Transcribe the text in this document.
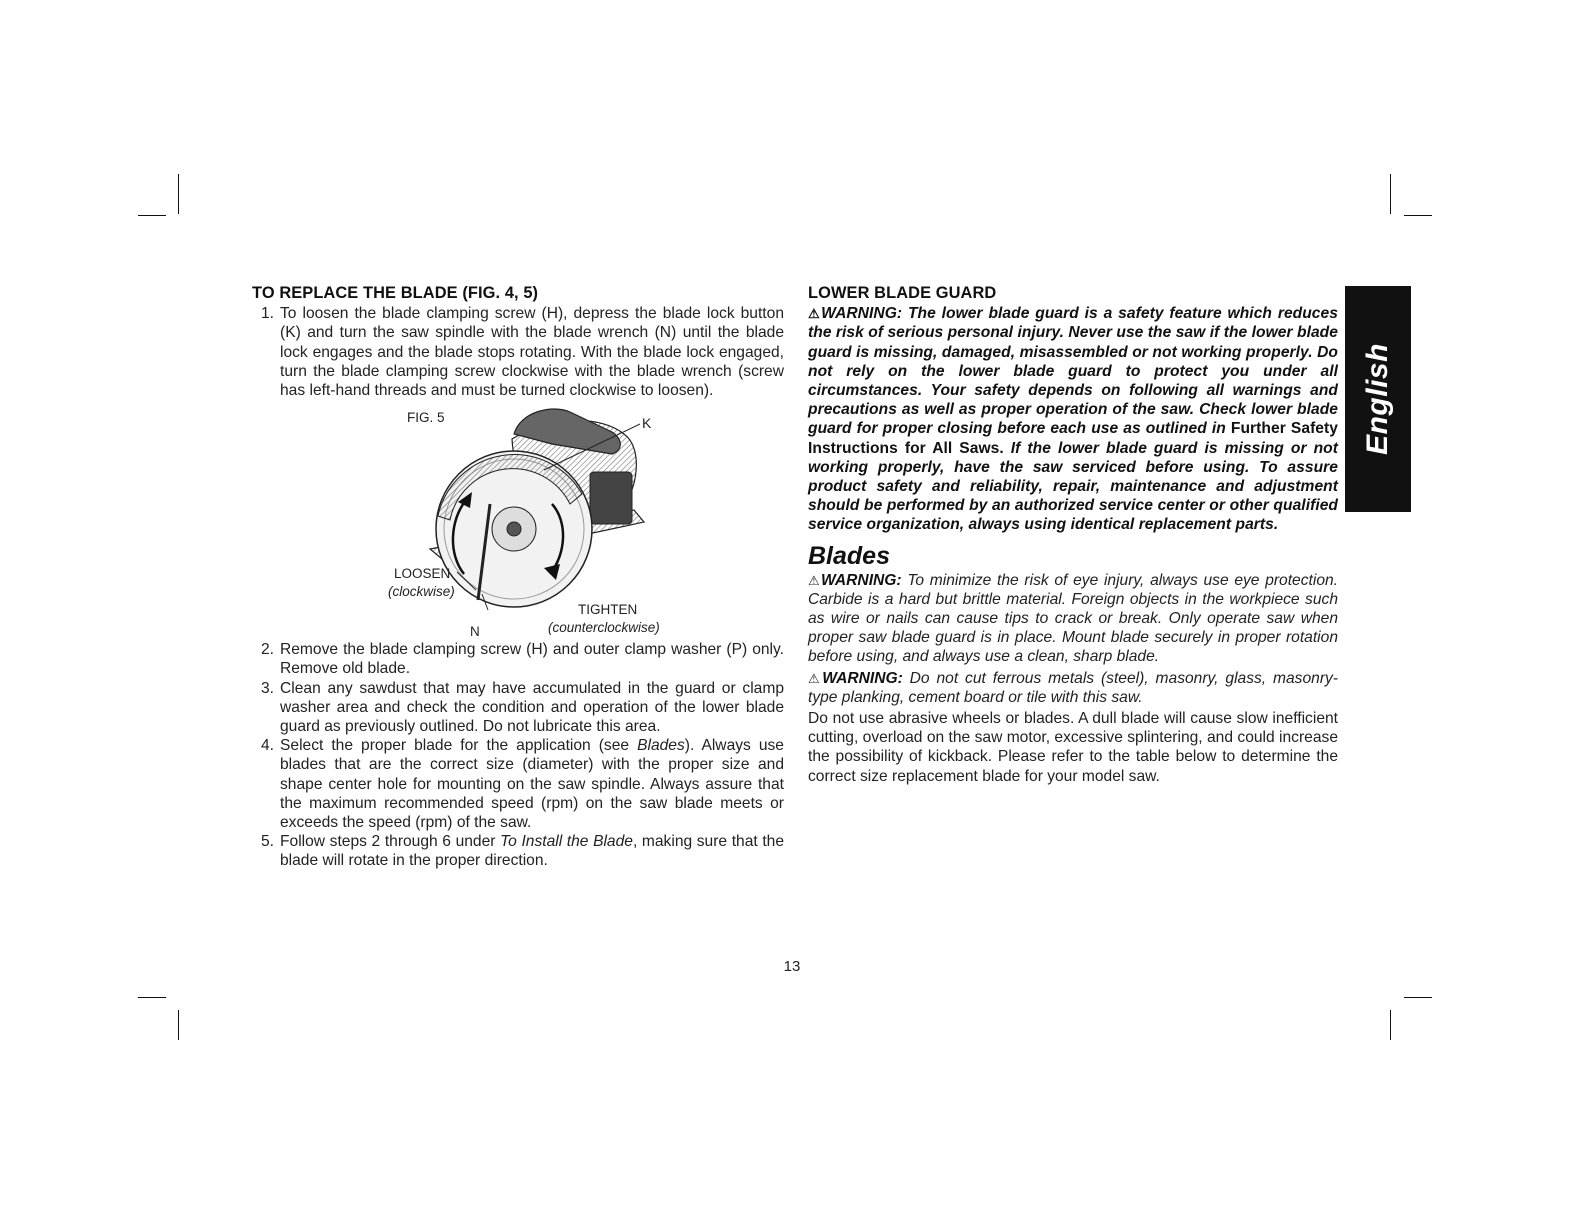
TO REPLACE THE BLADE (FIG. 4, 5)
1. To loosen the blade clamping screw (H), depress the blade lock button (K) and turn the saw spindle with the blade wrench (N) until the blade lock engages and the blade stops rotating. With the blade lock engaged, turn the blade clamping screw clockwise with the blade wrench (screw has left-hand threads and must be turned clockwise to loosen).
FIG. 5	K
LOOSEN
(clockwise)
TIGHTEN
(counterclockwise)
N
2. Remove the blade clamping screw (H) and outer clamp washer (P) only. Remove old blade.
3. Clean any sawdust that may have accumulated in the guard or clamp washer area and check the condition and operation of the lower blade guard as previously outlined. Do not lubricate this area.
4. Select the proper blade for the application (see Blades). Always use blades that are the correct size (diameter) with the proper size and shape center hole for mounting on the saw spindle. Always assure that the maximum recommended speed (rpm) on the saw blade meets or exceeds the speed (rpm) of the saw.
5. Follow steps 2 through 6 under To Install the Blade, making sure that the blade will rotate in the proper direction.
LOWER BLADE GUARD
⚠WARNING: The lower blade guard is a safety feature which reduces the risk of serious personal injury. Never use the saw if the lower blade guard is missing, damaged, misassembled or not working properly. Do not rely on the lower blade guard to protect you under all circumstances. Your safety depends on following all warnings and precautions as well as proper operation of the saw. Check lower blade guard for proper closing before each use as outlined in Further Safety Instructions for All Saws. If the lower blade guard is missing or not working properly, have the saw serviced before using. To assure product safety and reliability, repair, maintenance and adjustment should be performed by an authorized service center or other qualified service organization, always using identical replacement parts.
Blades
⚠WARNING: To minimize the risk of eye injury, always use eye protection. Carbide is a hard but brittle material. Foreign objects in the workpiece such as wire or nails can cause tips to crack or break. Only operate saw when proper saw blade guard is in place. Mount blade securely in proper rotation before using, and always use a clean, sharp blade.
⚠WARNING: Do not cut ferrous metals (steel), masonry, glass, masonry-type planking, cement board or tile with this saw.
Do not use abrasive wheels or blades. A dull blade will cause slow inefficient cutting, overload on the saw motor, excessive splintering, and could increase the possibility of kickback. Please refer to the table below to determine the correct size replacement blade for your model saw.
English
13
